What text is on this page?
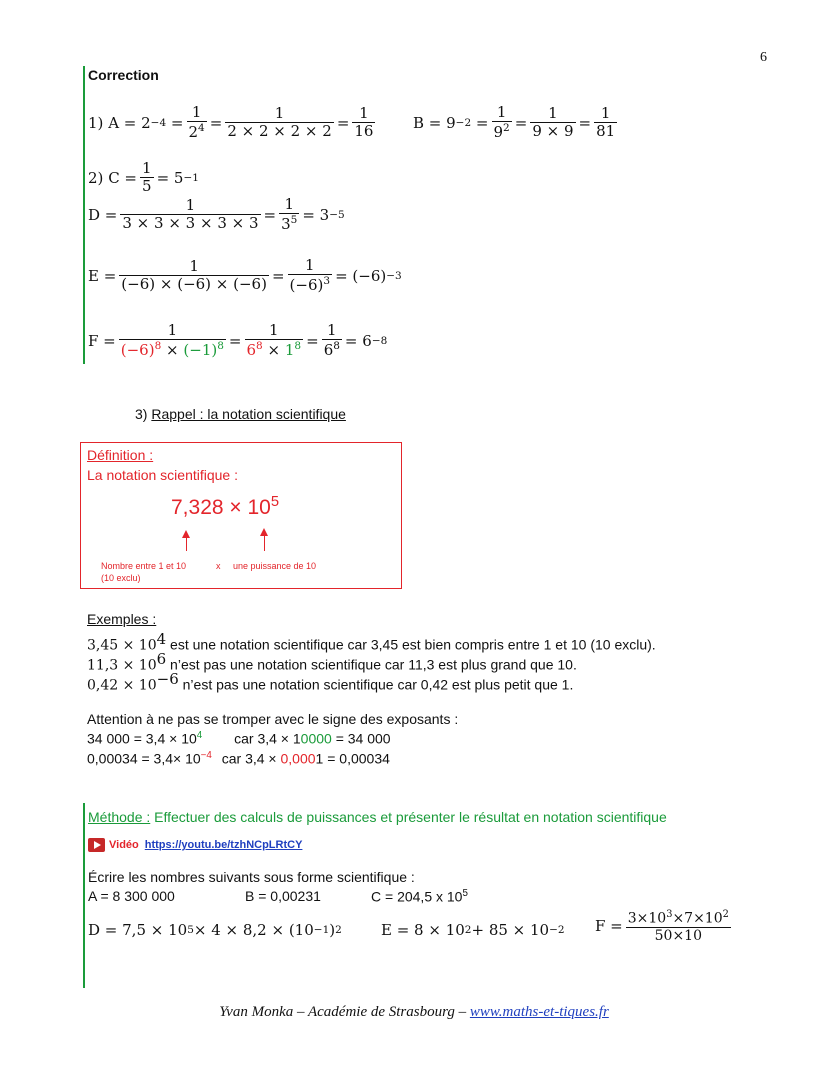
6
Correction
1)
$A = 2 -4 = \frac{1}{2^4} = \frac{1}{2 \times 2 \times 2 \times 2} = \frac{1}{16}$	$B = 9 -2 = \frac{1}{9^2} = \frac{1}{9 \times 9} = \frac{1}{81}$
2)
$C = \frac{1}{5} = 5 -1$
$D = \frac{1}{3 \times 3 \times 3 \times 3 \times 3} = \frac{1}{3^5} = 3 -5$
$E = \frac{1}{(-6) \times (-6) \times (-6)} = \frac{1}{(-6)^3} = (-6) -3$
$F = \frac{1}{(-6)^8 \times (-1)^8} = \frac{1}{6^8 \times 1^8} = \frac{1}{6^8} = 6 -8$
3) Rappel : la notation scientifique
Définition :
La notation scientifique :
$7,328 \times 10^5$
Nombre entre 1 et 10
(10 exclu)
x une puissance de 10
Exemples :
$3,45 \times 10^4$ est une notation scientifique car 3,45 est bien compris entre 1 et 10 (10 exclu).
$11,3 \times 10^6$ n’est pas une notation scientifique car 11,3 est plus grand que 10.
$0,42 \times 10^{-6}$ n’est pas une notation scientifique car 0,42 est plus petit que 1.
Attention à ne pas se tromper avec le signe des exposants :
34 $000 = 3,4 \times 10^4$ car 3,4 × 10000 = 34 000
$0,00034 = 3,4\times 10^{-4}$ car 3,4 × 0,0001 = 0,00034
Méthode : Effectuer des calculs de puissances et présenter le résultat en notation scientifique
Vidéo https://youtu.be/tzhNCpLRtCY
Écrire les nombres suivants sous forme scientifique :
A = 8 300 000	B = 0,00231	C = 204,5 x $10^5$
D = 7,5 × 10 5 × 4 × 8,2 × (10 −1 ) 2	E = 8 × 10 2 + 85 × 10 −2 $F = \frac{3\times 10^3\times 7\times 10^2}{50\times 10}$
Yvan Monka – Académie de Strasbourg – www.maths-et-tiques.fr
